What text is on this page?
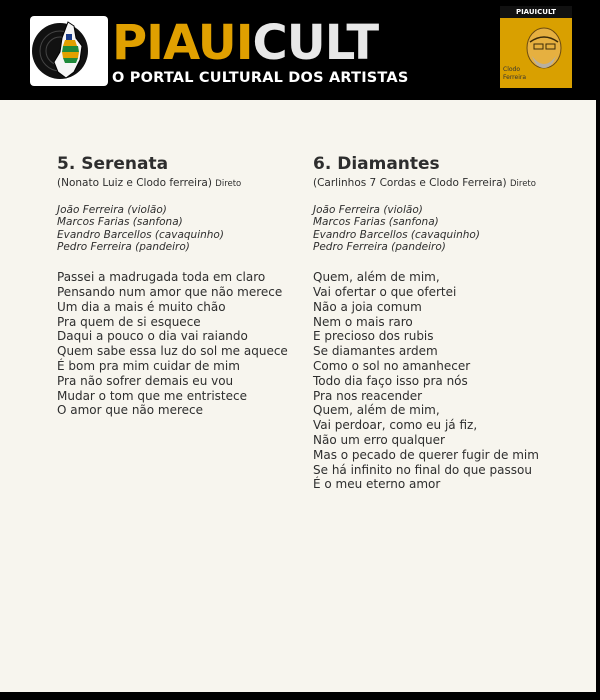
PIAUICULT
O PORTAL CULTURAL DOS ARTISTAS
PIAUICULT
Clodo Ferreira
5. Serenata
(Nonato Luiz e Clodo ferreira) Direto
João Ferreira (violão)
Marcos Farias (sanfona)
Evandro Barcellos (cavaquinho)
Pedro Ferreira (pandeiro)
Passei a madrugada toda em claro
Pensando num amor que não merece
Um dia a mais é muito chão
Pra quem de si esquece
Daqui a pouco o dia vai raiando
Quem sabe essa luz do sol me aquece
É bom pra mim cuidar de mim
Pra não sofrer demais eu vou
Mudar o tom que me entristece
O amor que não merece
6. Diamantes
(Carlinhos 7 Cordas e Clodo Ferreira) Direto
João Ferreira (violão)
Marcos Farias (sanfona)
Evandro Barcellos (cavaquinho)
Pedro Ferreira (pandeiro)
Quem, além de mim,
Vai ofertar o que ofertei
Não a joia comum
Nem o mais raro
E precioso dos rubis
Se diamantes ardem
Como o sol no amanhecer
Todo dia faço isso pra nós
Pra nos reacender
Quem, além de mim,
Vai perdoar, como eu já fiz,
Não um erro qualquer
Mas o pecado de querer fugir de mim
Se há infinito no final do que passou
É o meu eterno amor
